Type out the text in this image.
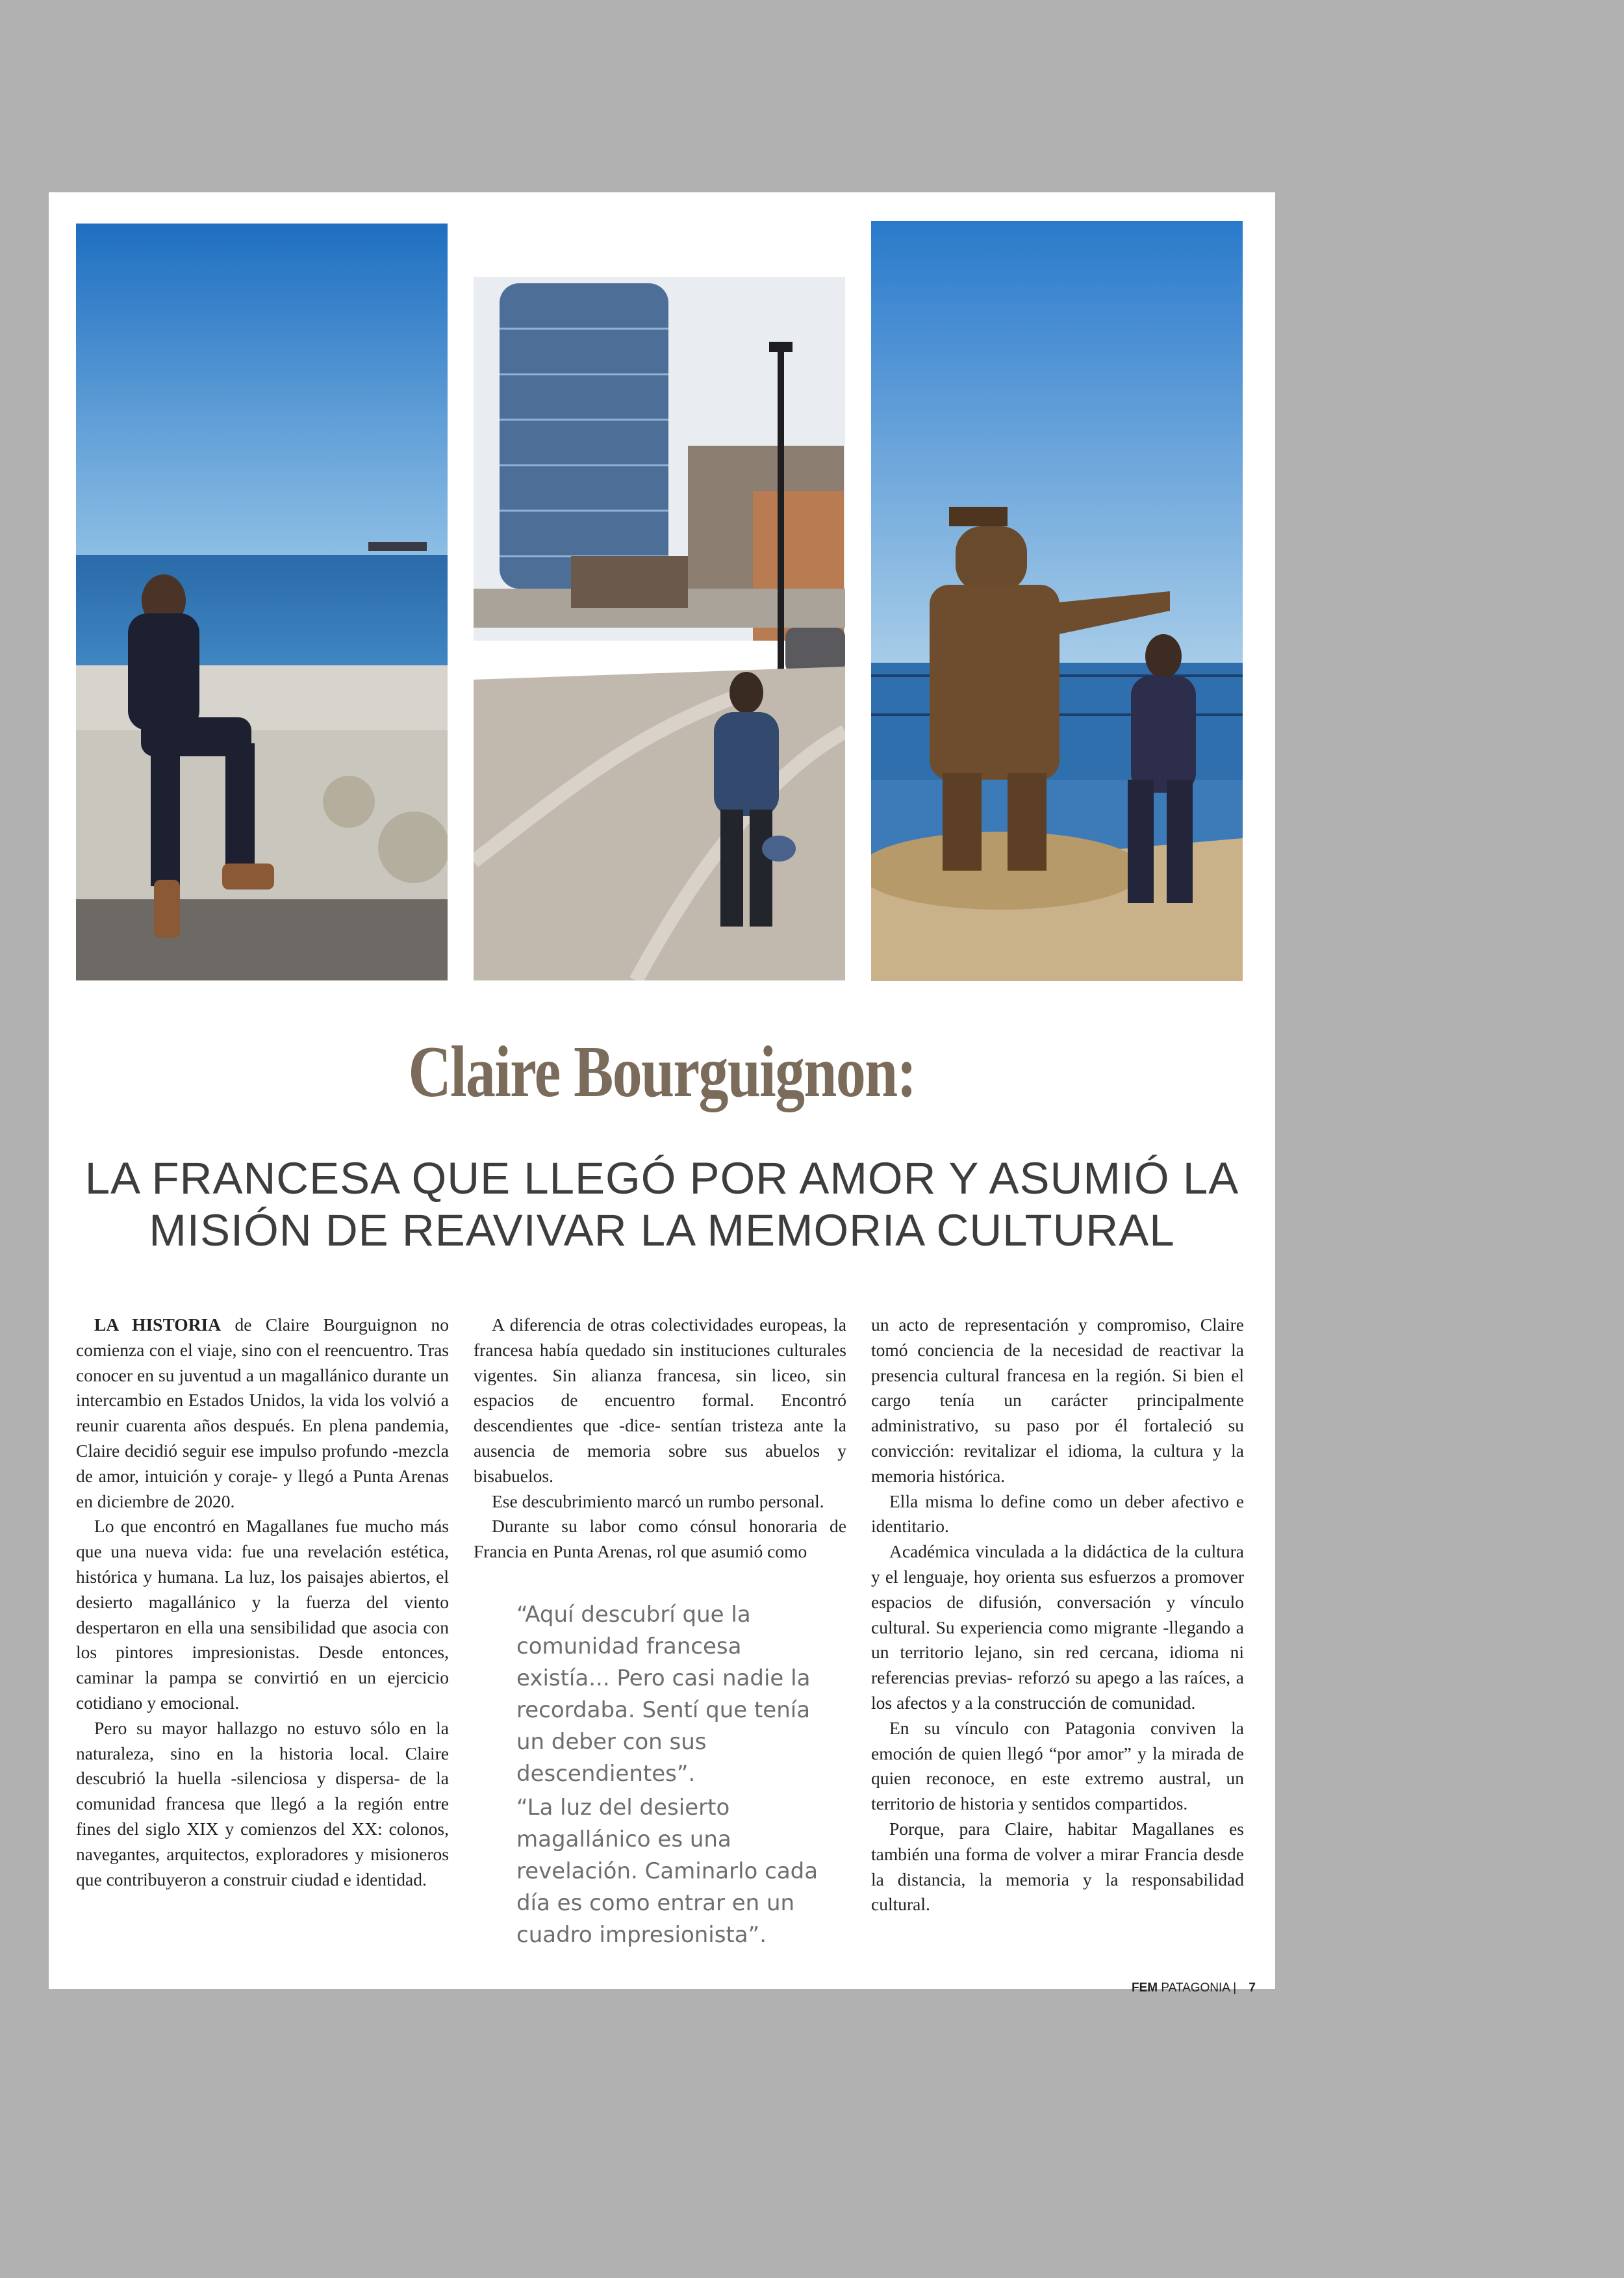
Claire Bourguignon:
LA FRANCESA QUE LLEGÓ POR AMOR Y ASUMIÓ LA
MISIÓN DE REAVIVAR LA MEMORIA CULTURAL

LA HISTORIA de Claire Bourguignon no comienza con el viaje, sino con el reencuentro. Tras conocer en su juventud a un magallánico durante un intercambio en Estados Unidos, la vida los volvió a reunir cuarenta años después. En plena pandemia, Claire decidió seguir ese impulso profundo -mezcla de amor, intuición y coraje- y llegó a Punta Arenas en diciembre de 2020.

Lo que encontró en Magallanes fue mucho más que una nueva vida: fue una revelación estética, histórica y humana. La luz, los paisajes abiertos, el desierto magallánico y la fuerza del viento despertaron en ella una sensibilidad que asocia con los pintores impresionistas. Desde entonces, caminar la pampa se convirtió en un ejercicio cotidiano y emocional.

Pero su mayor hallazgo no estuvo sólo en la naturaleza, sino en la historia local. Claire descubrió la huella -silenciosa y dispersa- de la comunidad francesa que llegó a la región entre fines del siglo XIX y comienzos del XX: colonos, navegantes, arquitectos, exploradores y misioneros que contribuyeron a construir ciudad e identidad.

A diferencia de otras colectividades europeas, la francesa había quedado sin instituciones culturales vigentes. Sin alianza francesa, sin liceo, sin espacios de encuentro formal. Encontró descendientes que -dice- sentían tristeza ante la ausencia de memoria sobre sus abuelos y bisabuelos.

Ese descubrimiento marcó un rumbo personal.

Durante su labor como cónsul honoraria de Francia en Punta Arenas, rol que asumió como

“Aquí descubrí que la comunidad francesa existía... Pero casi nadie la recordaba. Sentí que tenía un deber con sus descendientes”.
“La luz del desierto magallánico es una revelación. Caminarlo cada día es como entrar en un cuadro impresionista”.

un acto de representación y compromiso, Claire tomó conciencia de la necesidad de reactivar la presencia cultural francesa en la región. Si bien el cargo tenía un carácter principalmente administrativo, su paso por él fortaleció su convicción: revitalizar el idioma, la cultura y la memoria histórica.

Ella misma lo define como un deber afectivo e identitario.

Académica vinculada a la didáctica de la cultura y el lenguaje, hoy orienta sus esfuerzos a promover espacios de difusión, conversación y vínculo cultural. Su experiencia como migrante -llegando a un territorio lejano, sin red cercana, idioma ni referencias previas- reforzó su apego a las raíces, a los afectos y a la construcción de comunidad.

En su vínculo con Patagonia conviven la emoción de quien llegó “por amor” y la mirada de quien reconoce, en este extremo austral, un territorio de historia y sentidos compartidos.

Porque, para Claire, habitar Magallanes es también una forma de volver a mirar Francia desde la distancia, la memoria y la responsabilidad cultural.

FEM PATAGONIA | 7
